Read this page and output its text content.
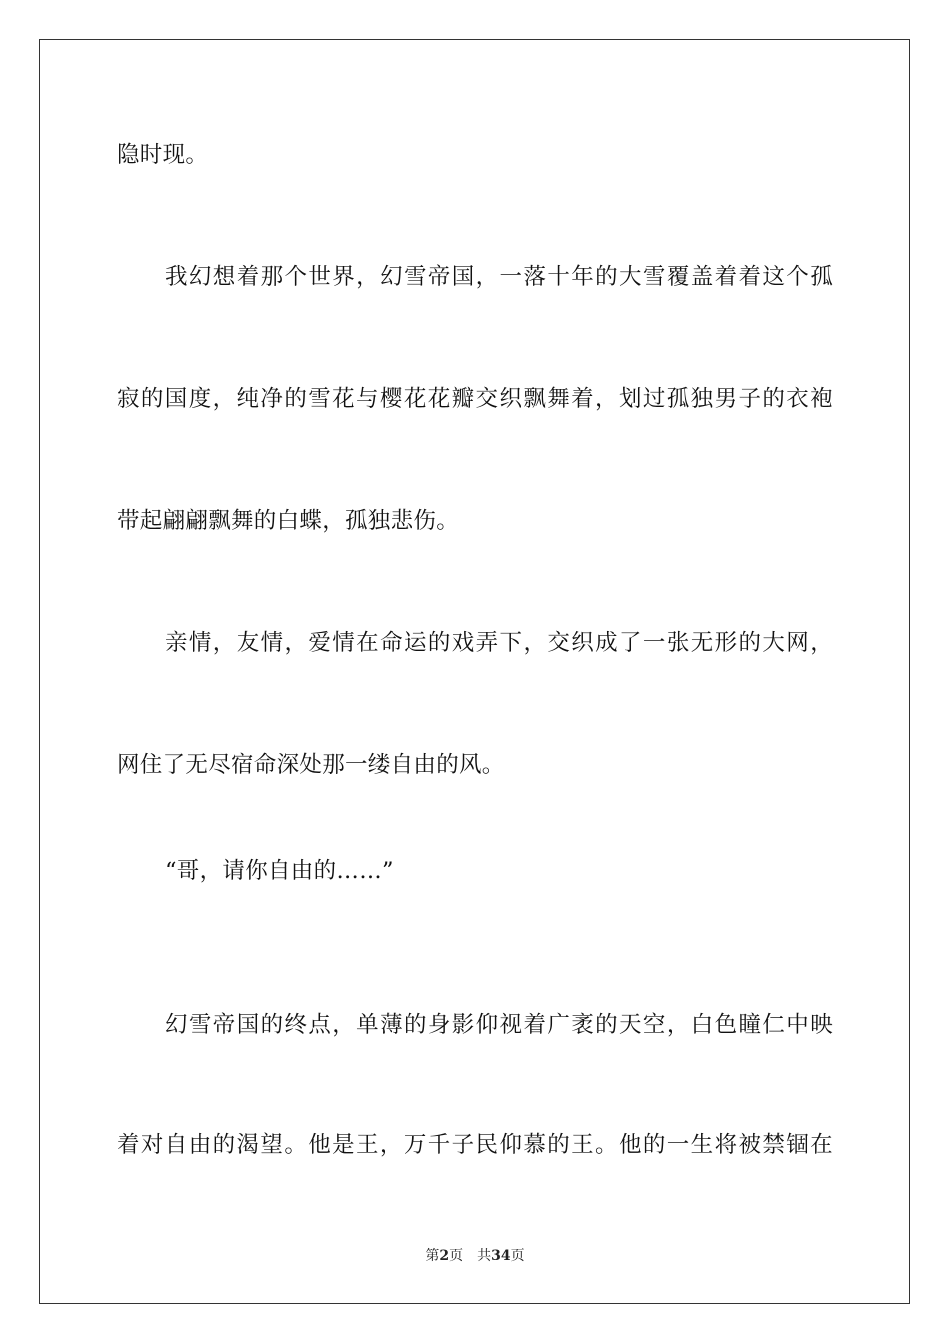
隐时现。
我幻想着那个世界，幻雪帝国，一落十年的大雪覆盖着着这个孤
寂的国度，纯净的雪花与樱花花瓣交织飘舞着，划过孤独男子的衣袍
带起翩翩飘舞的白蝶，孤独悲伤。
亲情，友情，爱情在命运的戏弄下，交织成了一张无形的大网，
网住了无尽宿命深处那一缕自由的风。
“哥，请你自由的……”
幻雪帝国的终点，单薄的身影仰视着广袤的天空，白色瞳仁中映
着对自由的渴望。他是王，万千子民仰慕的王。他的一生将被禁锢在
第2页 共34页
